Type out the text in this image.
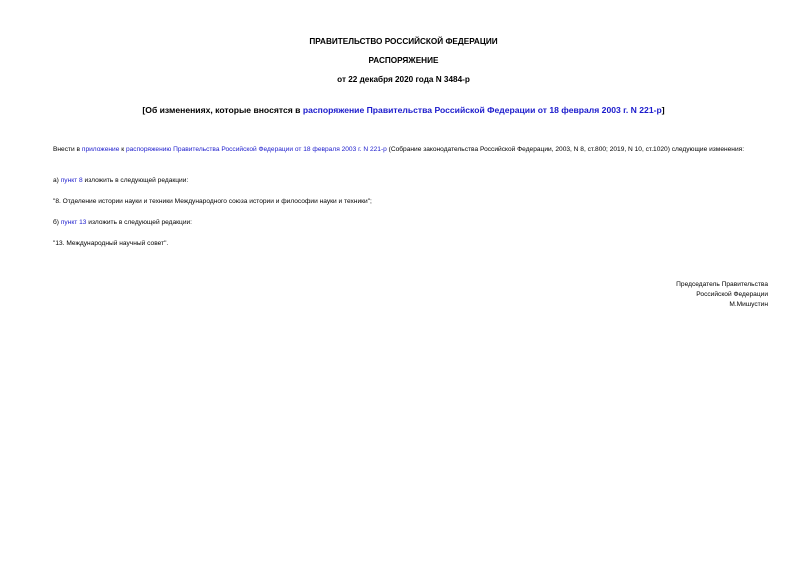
ПРАВИТЕЛЬСТВО РОССИЙСКОЙ ФЕДЕРАЦИИ
РАСПОРЯЖЕНИЕ
от 22 декабря 2020 года N 3484-р
[Об изменениях, которые вносятся в распоряжение Правительства Российской Федерации от 18 февраля 2003 г. N 221-р]
Внести в приложение к распоряжению Правительства Российской Федерации от 18 февраля 2003 г. N 221-р (Собрание законодательства Российской Федерации, 2003, N 8, ст.800; 2019, N 10, ст.1020) следующие изменения:
а) пункт 8 изложить в следующей редакции:
"8. Отделение истории науки и техники Международного союза истории и философии науки и техники";
б) пункт 13 изложить в следующей редакции:
"13. Международный научный совет".
Председатель Правительства
Российской Федерации
М.Мишустин
